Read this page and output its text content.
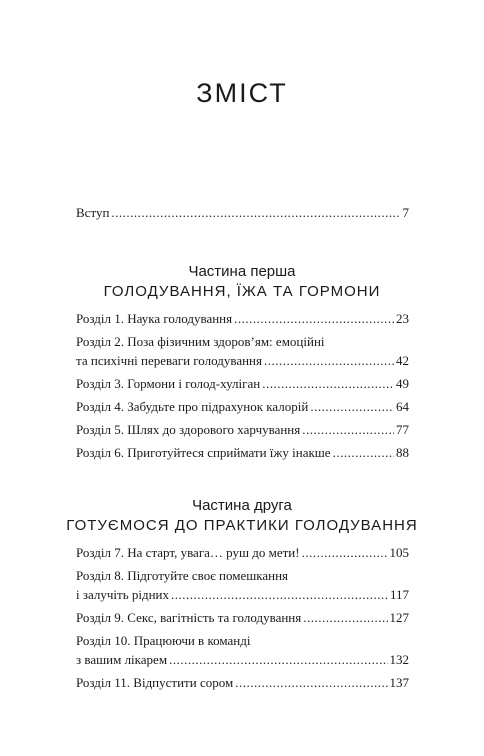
ЗМІСТ
Вступ .....	7
Частина перша
ГОЛОДУВАННЯ, ЇЖА ТА ГОРМОНИ
Розділ 1. Наука голодування .....	23
Розділ 2. Поза фізичним здоров’ям: емоційні
та психічні переваги голодування .....	42
Розділ 3. Гормони і голод-хуліган .....	49
Розділ 4. Забудьте про підрахунок калорій .....	64
Розділ 5. Шлях до здорового харчування .....	77
Розділ 6. Приготуйтеся сприймати їжу інакше .....	88
Частина друга
ГОТУЄМОСЯ ДО ПРАКТИКИ ГОЛОДУВАННЯ
Розділ 7. На старт, увага… руш до мети! .....	105
Розділ 8. Підготуйте своє помешкання
і залучіть рідних .....	117
Розділ 9. Секс, вагітність та голодування .....	127
Розділ 10. Працюючи в команді
з вашим лікарем .....	132
Розділ 11. Відпустити сором .....	137
